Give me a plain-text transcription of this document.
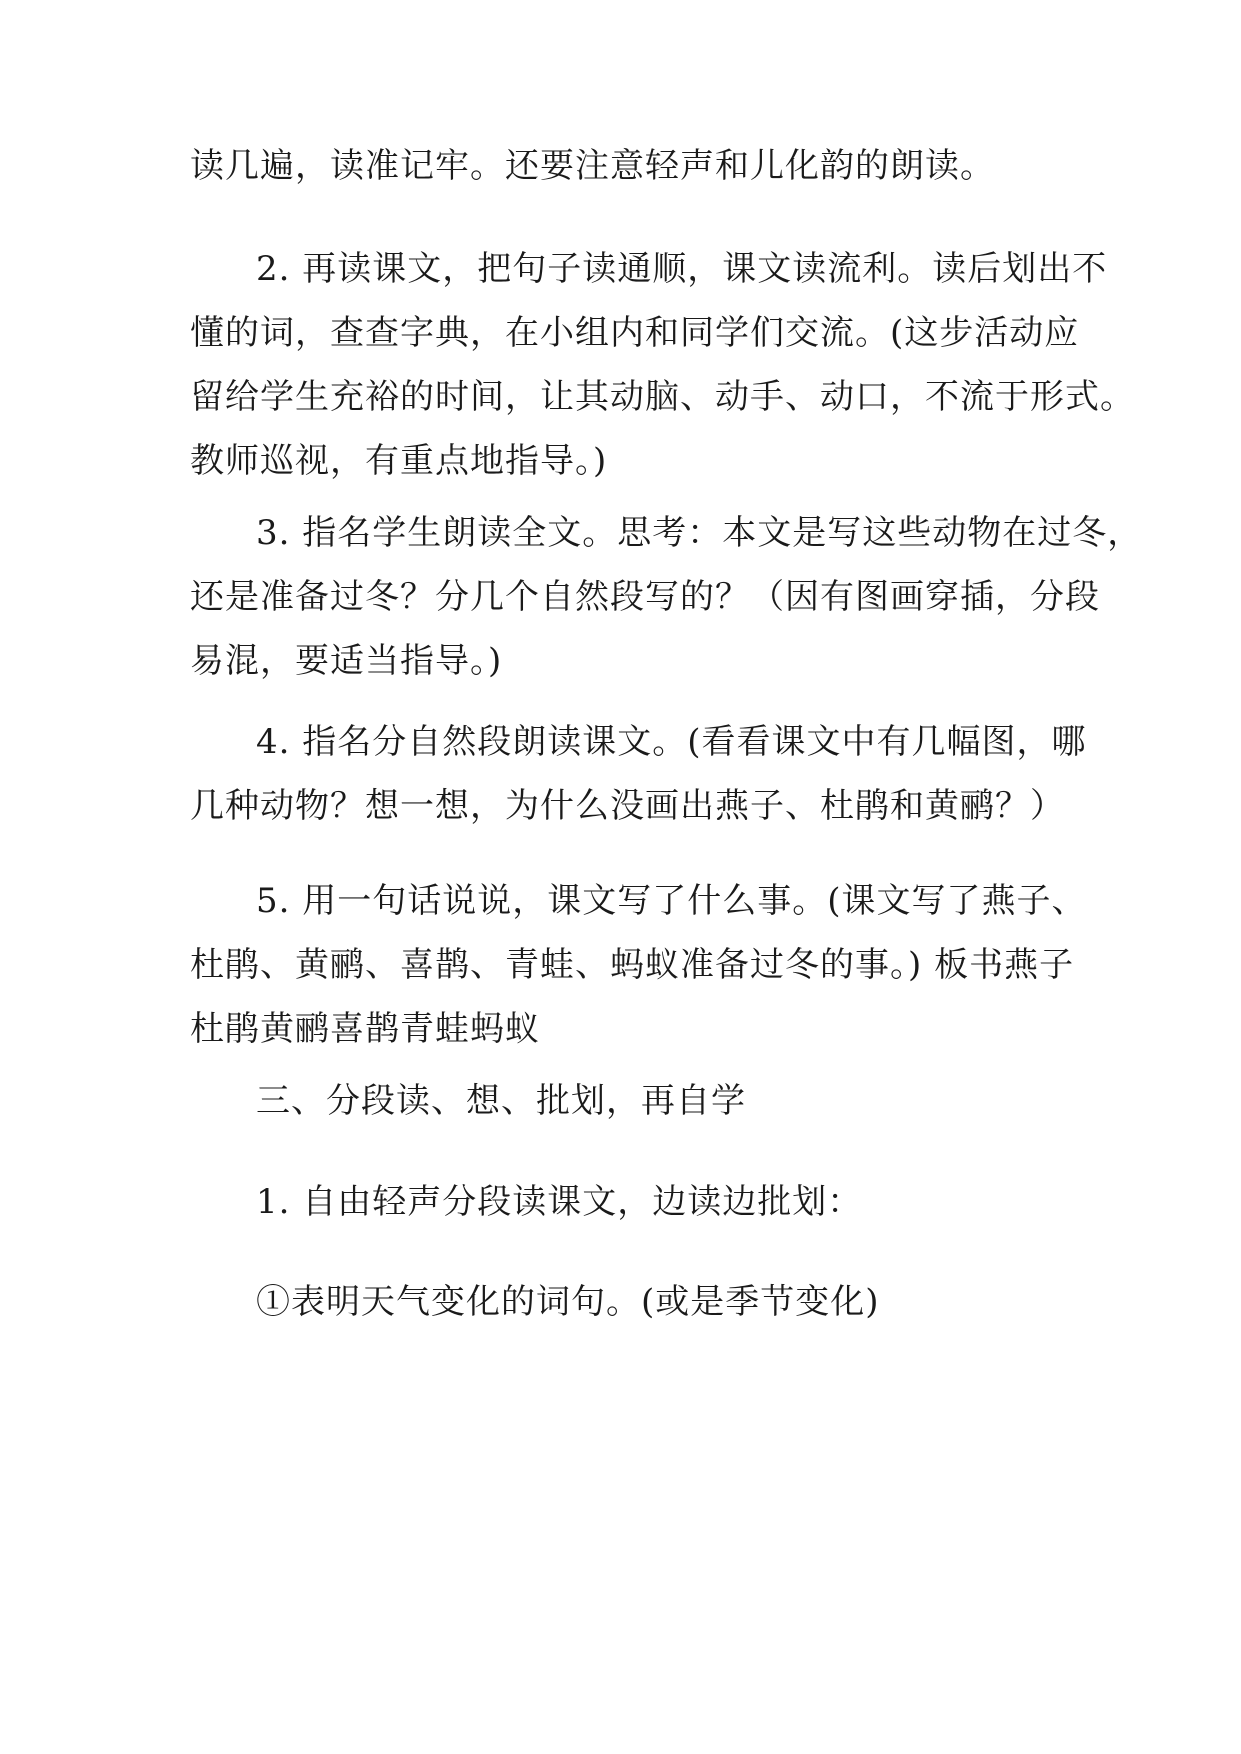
读几遍，读准记牢。还要注意轻声和儿化韵的朗读。

2. 再读课文，把句子读通顺，课文读流利。读后划出不
懂的词，查查字典，在小组内和同学们交流。(这步活动应
留给学生充裕的时间，让其动脑、动手、动口，不流于形式。
教师巡视，有重点地指导。)

3. 指名学生朗读全文。思考：本文是写这些动物在过冬，
还是准备过冬？分几个自然段写的？（因有图画穿插，分段
易混，要适当指导。)

4. 指名分自然段朗读课文。(看看课文中有几幅图，哪
几种动物？想一想，为什么没画出燕子、杜鹃和黄鹂？）

5. 用一句话说说，课文写了什么事。(课文写了燕子、
杜鹃、黄鹂、喜鹊、青蛙、蚂蚁准备过冬的事。) 板书燕子
杜鹃黄鹂喜鹊青蛙蚂蚁

三、分段读、想、批划，再自学

1. 自由轻声分段读课文，边读边批划：

①表明天气变化的词句。(或是季节变化)
